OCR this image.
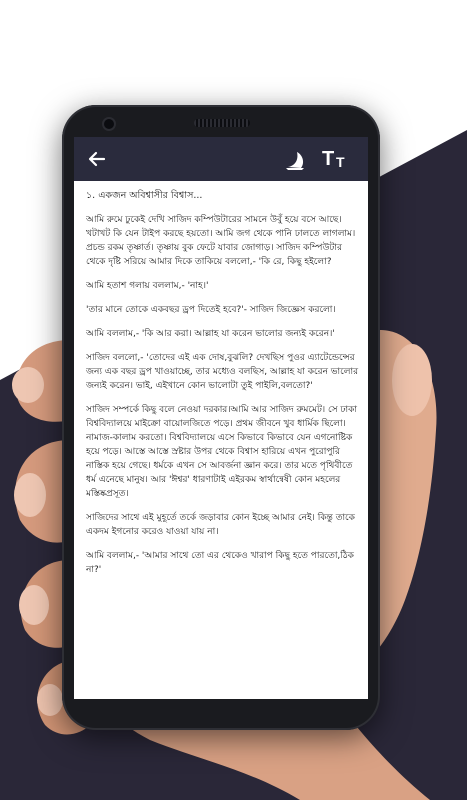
T T

১. একজন অবিশ্বাসীর বিশ্বাস...

আমি রুমে ঢুকেই দেখি সাজিদ কম্পিউটারের সামনে উবুঁ হয়ে বসে আছে। খটাখট কি যেন টাইপ করছে হয়তো। আমি জগ থেকে পানি ঢালতে লাগলাম। প্রচন্ড রকম তৃষ্ণার্ত। তৃষ্ণায় বুক ফেটে যাবার জোগাড়। সাজিদ কম্পিউটার থেকে দৃষ্টি সরিয়ে আমার দিকে তাকিয়ে বললো,- 'কি রে, কিছু হইলো?

আমি হতাশ গলায় বললাম,- 'নাহ।'

'তার মানে তোকে একবছর ড্রপ দিতেই হবে?'- সাজিদ জিজ্ঞেস করলো।

আমি বললাম,- 'কি আর করা। আল্লাহ যা করেন ভালোর জন্যই করেন।'

সাজিদ বললো,- 'তোদের এই এক দোষ,বুঝলি? দেখছিস পুওর এ্যাটেন্ডেন্সের জন্য এক বছর ড্রপ খাওয়াচ্ছে, তার মধ্যেও বলছিস, আল্লাহ যা করেন ভালোর জন্যই করেন। ভাই, এইখানে কোন ভালোটা তুই পাইলি,বলতো?'

সাজিদ সম্পর্কে কিছু বলে নেওয়া দরকার।আমি আর সাজিদ রুমমেট। সে ঢাকা বিশ্ববিদ্যালয়ে মাইক্রো বায়োলজিতে পড়ে। প্রথম জীবনে খুব ধার্মিক ছিলো। নামাজ-কালাম করতো। বিশ্ববিদ্যালয়ে এসে কিভাবে কিভাবে যেন এগনোষ্টিক হয়ে পড়ে। আস্তে আস্তে স্রষ্টার উপর থেকে বিশ্বাস হারিয়ে এখন পুরোপুরি নাস্তিক হয়ে গেছে। ধর্মকে এখন সে আবর্জনা জ্ঞান করে। তার মতে পৃথিবীতে ধর্ম এনেছে মানুষ। আর 'ঈশ্বর' ধারণাটাই এইরকম স্বার্থান্বেষী কোন মহলের মস্তিষ্কপ্রসূত।

সাজিদের সাথে এই মুহূর্তে তর্কে জড়াবার কোন ইচ্ছে আমার নেই। কিন্তু তাকে একদম ইগনোর করেও যাওয়া যায় না।

আমি বললাম,- 'আমার সাথে তো এর থেকেও খারাপ কিছু হতে পারতো,ঠিক না?'
